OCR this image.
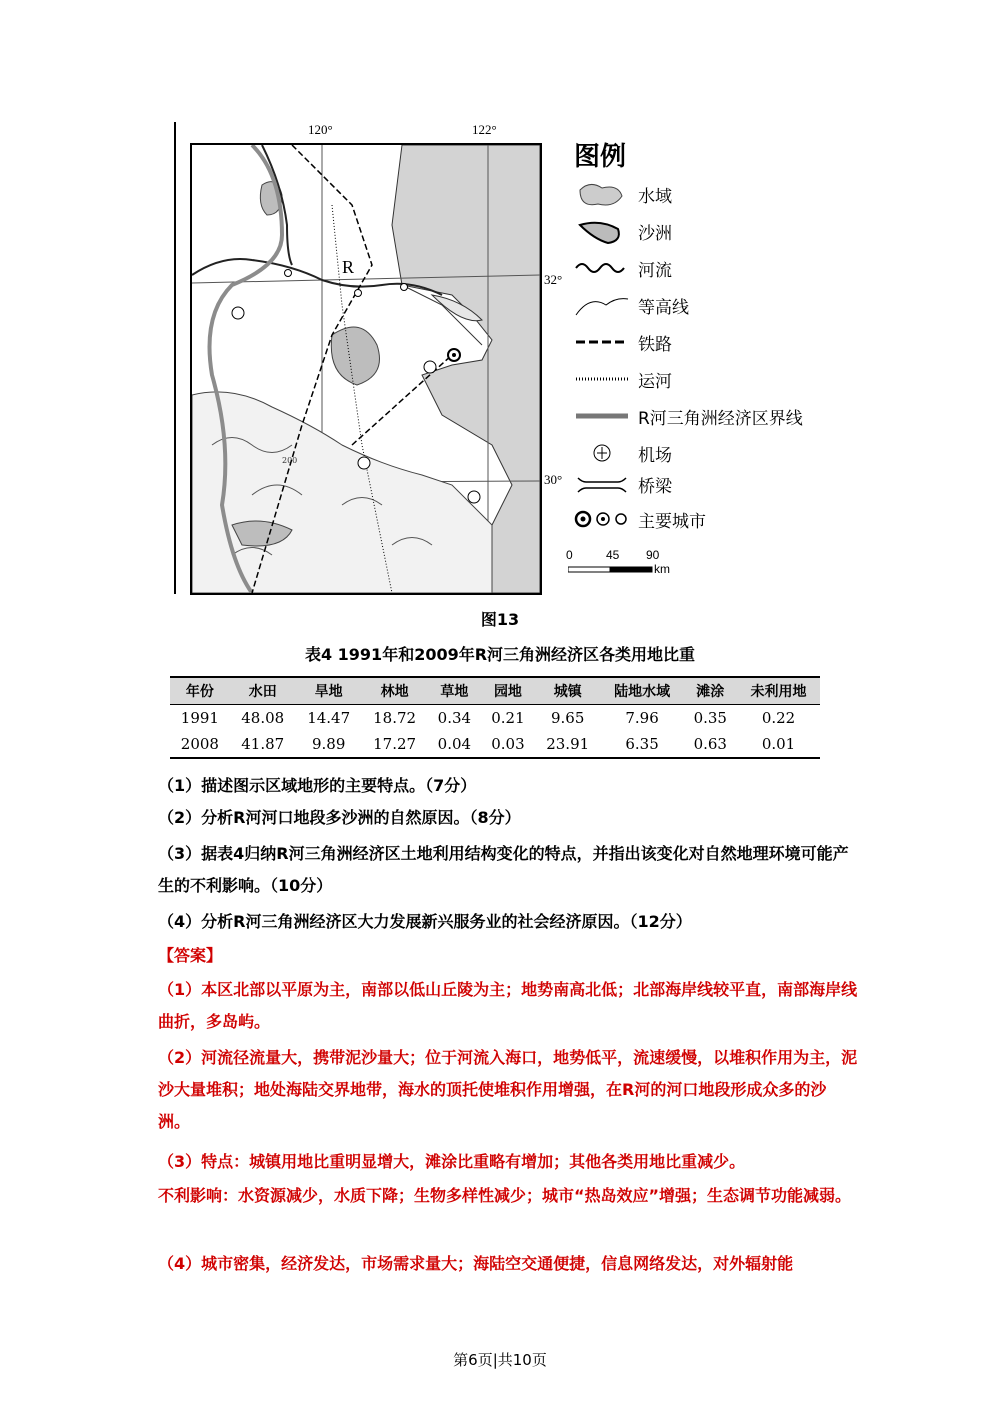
120°	122°
32°
30°
200
R
图例
水域
沙洲
河流
等高线
铁路
运河
R河三角洲经济区界线
机场
桥梁
主要城市
0	45 90
km
图13
表4 1991年和2009年R河三角洲经济区各类用地比重
年份	水田	旱地	林地	草地	园地	城镇	陆地水域	滩涂	未利用地
1991	48.08	14.47	18.72	0.34	0.21	9.65	7.96	0.35	0.22
2008	41.87	9.89	17.27	0.04	0.03	23.91	6.35	0.63	0.01
（1）描述图示区域地形的主要特点。（7分）
（2）分析R河河口地段多沙洲的自然原因。（8分）
（3）据表4归纳R河三角洲经济区土地利用结构变化的特点，并指出该变化对自然地理环境可能产生的不利影响。（10分）
（4）分析R河三角洲经济区大力发展新兴服务业的社会经济原因。（12分）
【答案】
（1）本区北部以平原为主，南部以低山丘陵为主；地势南高北低；北部海岸线较平直，南部海岸线曲折，多岛屿。
（2）河流径流量大，携带泥沙量大；位于河流入海口，地势低平，流速缓慢，以堆积作用为主，泥沙大量堆积；地处海陆交界地带，海水的顶托使堆积作用增强，在R河的河口地段形成众多的沙洲。
（3）特点：城镇用地比重明显增大，滩涂比重略有增加；其他各类用地比重减少。
不利影响：水资源减少，水质下降；生物多样性减少；城市“热岛效应”增强；生态调节功能减弱。
（4）城市密集，经济发达，市场需求量大；海陆空交通便捷，信息网络发达，对外辐射能
第6页|共10页
